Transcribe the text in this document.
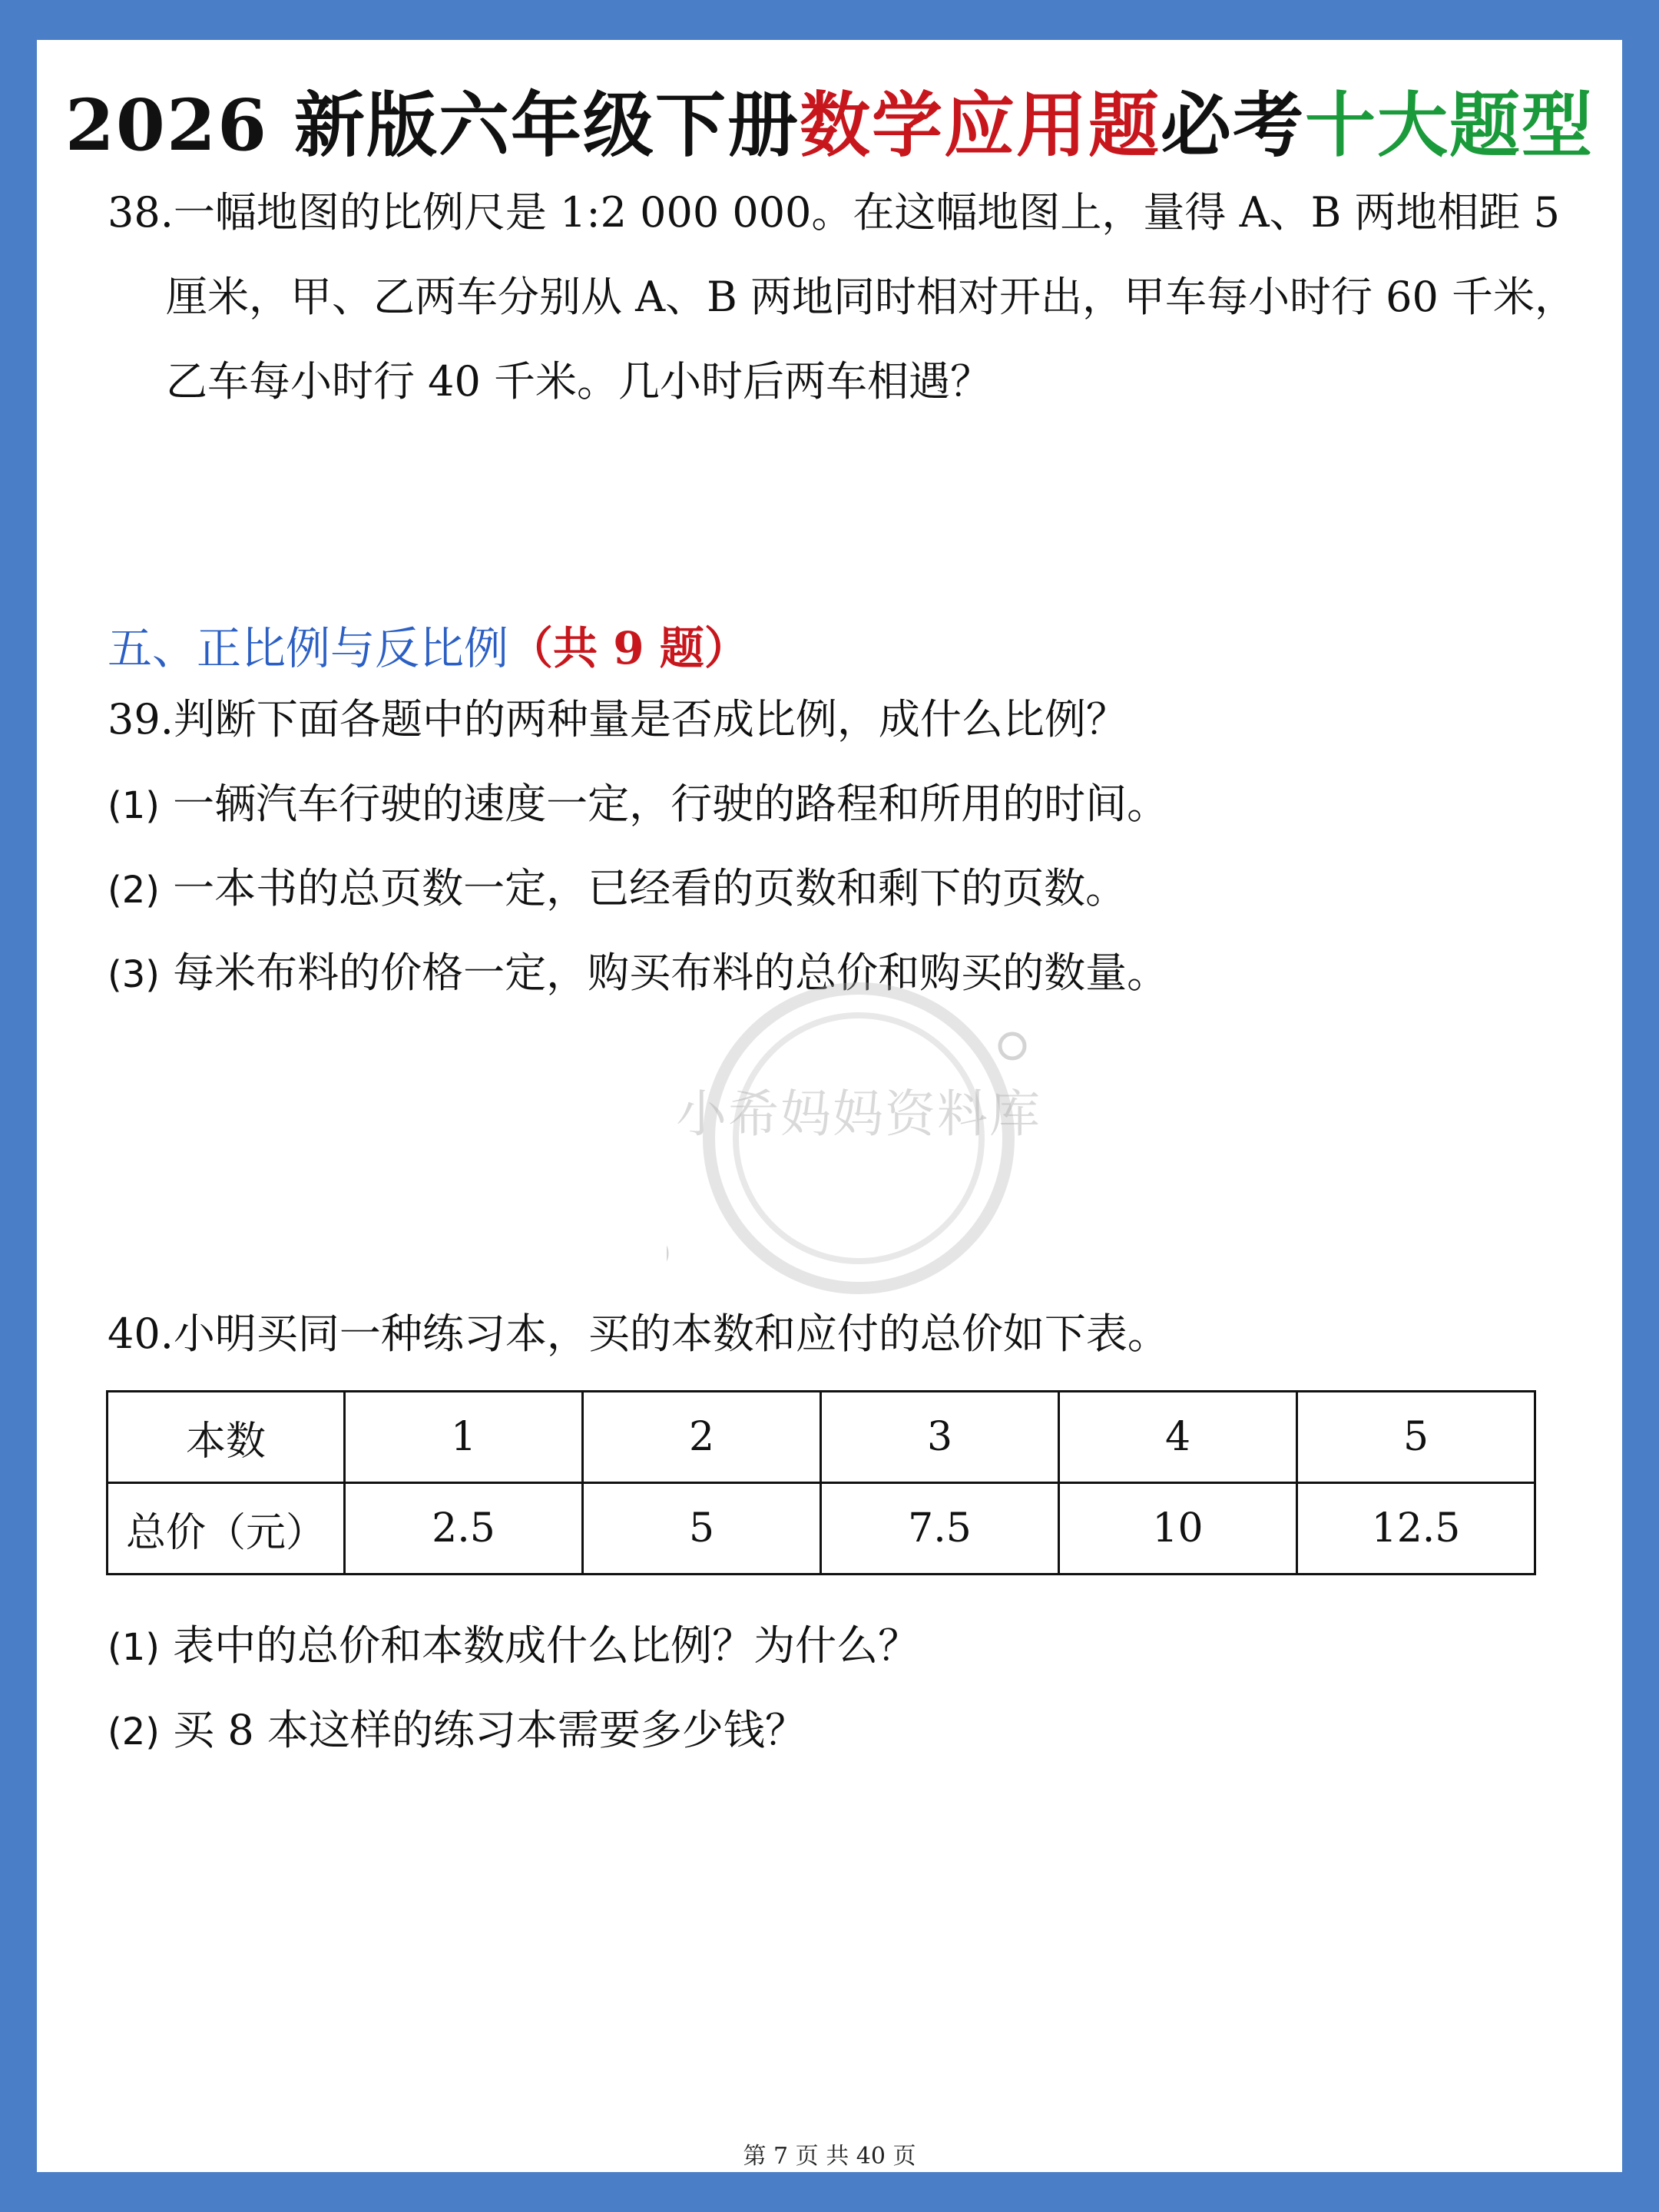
2026 新版六年级下册数学应用题必考十大题型
38.一幅地图的比例尺是 1:2 000 000。在这幅地图上，量得 A、B 两地相距 5
厘米，甲、乙两车分别从 A、B 两地同时相对开出，甲车每小时行 60 千米，
乙车每小时行 40 千米。几小时后两车相遇？
五、正比例与反比例（共 9 题）
39.判断下面各题中的两种量是否成比例，成什么比例？
(1) 一辆汽车行驶的速度一定，行驶的路程和所用的时间。
(2) 一本书的总页数一定，已经看的页数和剩下的页数。
(3) 每米布料的价格一定，购买布料的总价和购买的数量。
小希妈妈资料库
40.小明买同一种练习本，买的本数和应付的总价如下表。
本数	1	2	3	4	5
总价（元）	2.5	5	7.5	10	12.5
(1) 表中的总价和本数成什么比例？为什么？
(2) 买 8 本这样的练习本需要多少钱？
第 7 页 共 40 页
